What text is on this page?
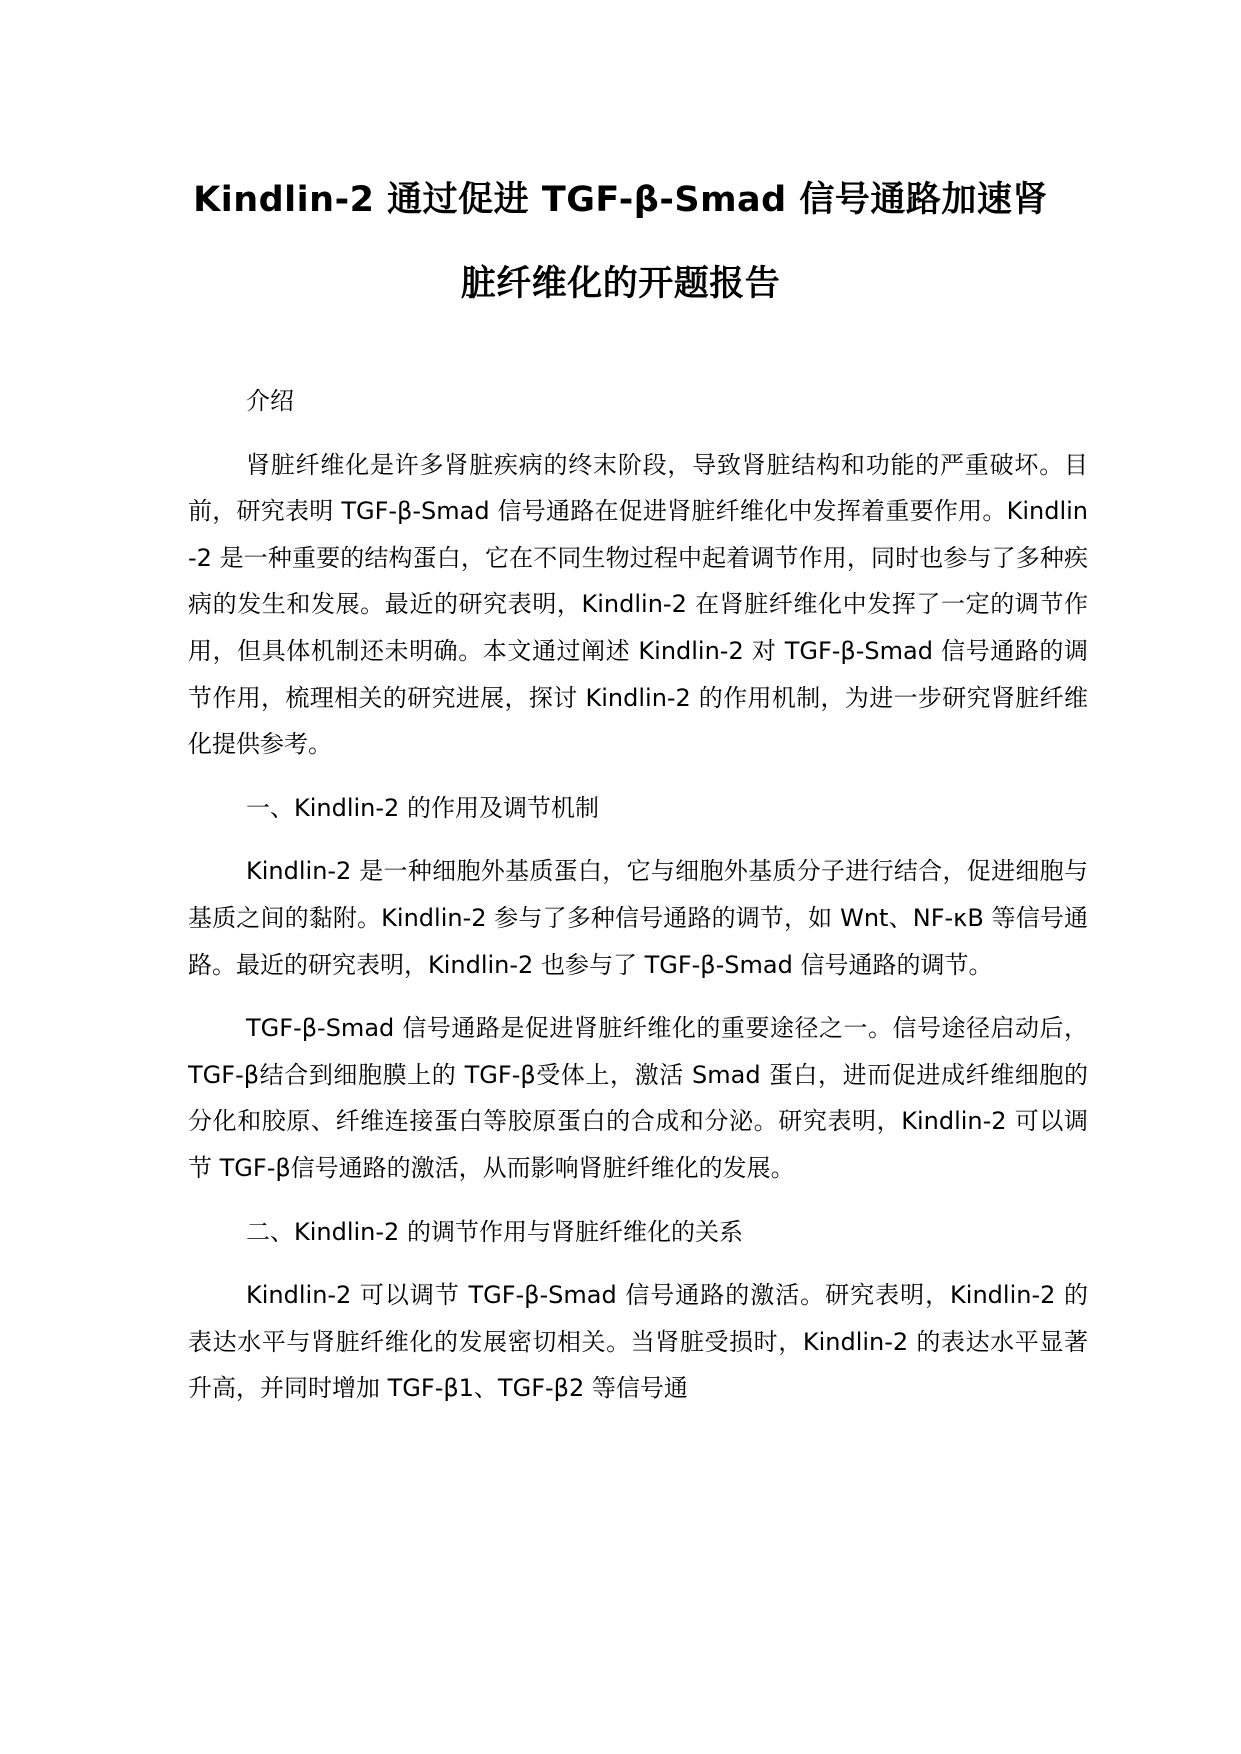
Kindlin-2 通过促进 TGF-β-Smad 信号通路加速肾
脏纤维化的开题报告

介绍

肾脏纤维化是许多肾脏疾病的终末阶段，导致肾脏结构和功能的严重破坏。目前，研究表明 TGF-β-Smad 信号通路在促进肾脏纤维化中发挥着重要作用。Kindlin-2 是一种重要的结构蛋白，它在不同生物过程中起着调节作用，同时也参与了多种疾病的发生和发展。最近的研究表明，Kindlin-2 在肾脏纤维化中发挥了一定的调节作用，但具体机制还未明确。本文通过阐述 Kindlin-2 对 TGF-β-Smad 信号通路的调节作用，梳理相关的研究进展，探讨 Kindlin-2 的作用机制，为进一步研究肾脏纤维化提供参考。

一、Kindlin-2 的作用及调节机制

Kindlin-2 是一种细胞外基质蛋白，它与细胞外基质分子进行结合，促进细胞与基质之间的黏附。Kindlin-2 参与了多种信号通路的调节，如 Wnt、NF-κB 等信号通路。最近的研究表明，Kindlin-2 也参与了 TGF-β-Smad 信号通路的调节。

TGF-β-Smad 信号通路是促进肾脏纤维化的重要途径之一。信号途径启动后，TGF-β结合到细胞膜上的 TGF-β受体上，激活 Smad 蛋白，进而促进成纤维细胞的分化和胶原、纤维连接蛋白等胶原蛋白的合成和分泌。研究表明，Kindlin-2 可以调节 TGF-β信号通路的激活，从而影响肾脏纤维化的发展。

二、Kindlin-2 的调节作用与肾脏纤维化的关系

Kindlin-2 可以调节 TGF-β-Smad 信号通路的激活。研究表明，Kindlin-2 的表达水平与肾脏纤维化的发展密切相关。当肾脏受损时，Kindlin-2 的表达水平显著升高，并同时增加 TGF-β1、TGF-β2 等信号通
